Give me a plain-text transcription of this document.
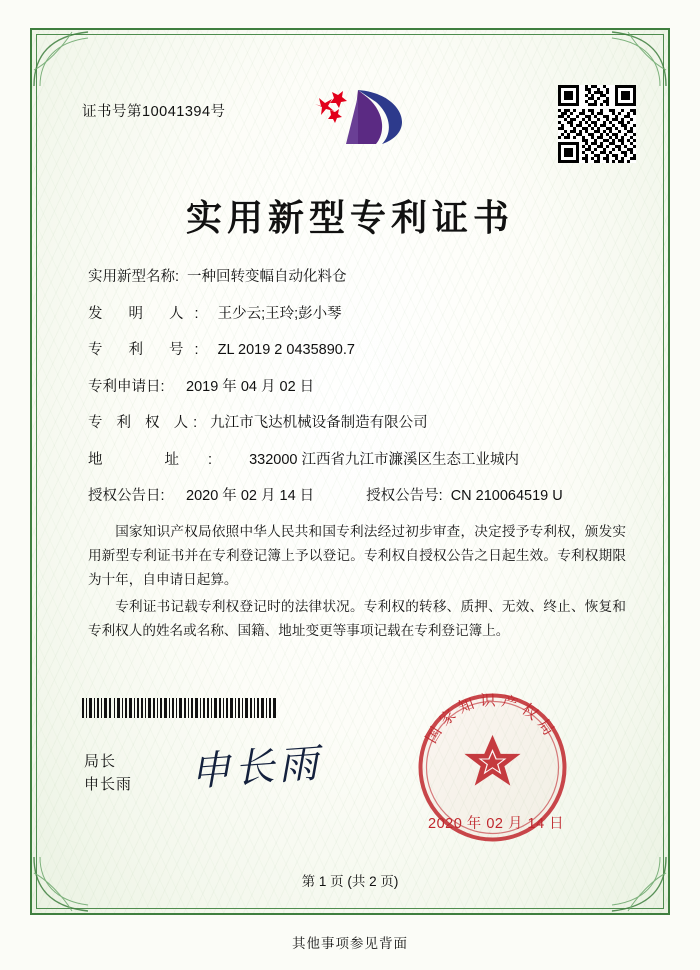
证书号第10041394号
实用新型专利证书
实用新型名称: 一种回转变幅自动化料仓
发 明 人: 王少云;王玲;彭小琴
专 利 号: ZL 2019 2 0435890.7
专利申请日:	2019 年 04 月 02 日
专 利 权 人: 九江市飞达机械设备制造有限公司
地 址: 332000 江西省九江市濂溪区生态工业城内
授权公告日:	2020 年 02 月 14 日	授权公告号: CN 210064519 U

国家知识产权局依照中华人民共和国专利法经过初步审查，决定授予专利权，颁发实用新型专利证书并在专利登记簿上予以登记。专利权自授权公告之日起生效。专利权期限为十年，自申请日起算。

专利证书记载专利权登记时的法律状况。专利权的转移、质押、无效、终止、恢复和专利权人的姓名或名称、国籍、地址变更等事项记载在专利登记簿上。

局长
申长雨 申长雨
国家知识产权局
2020 年 02 月 14 日
第 1 页 (共 2 页)
其他事项参见背面
